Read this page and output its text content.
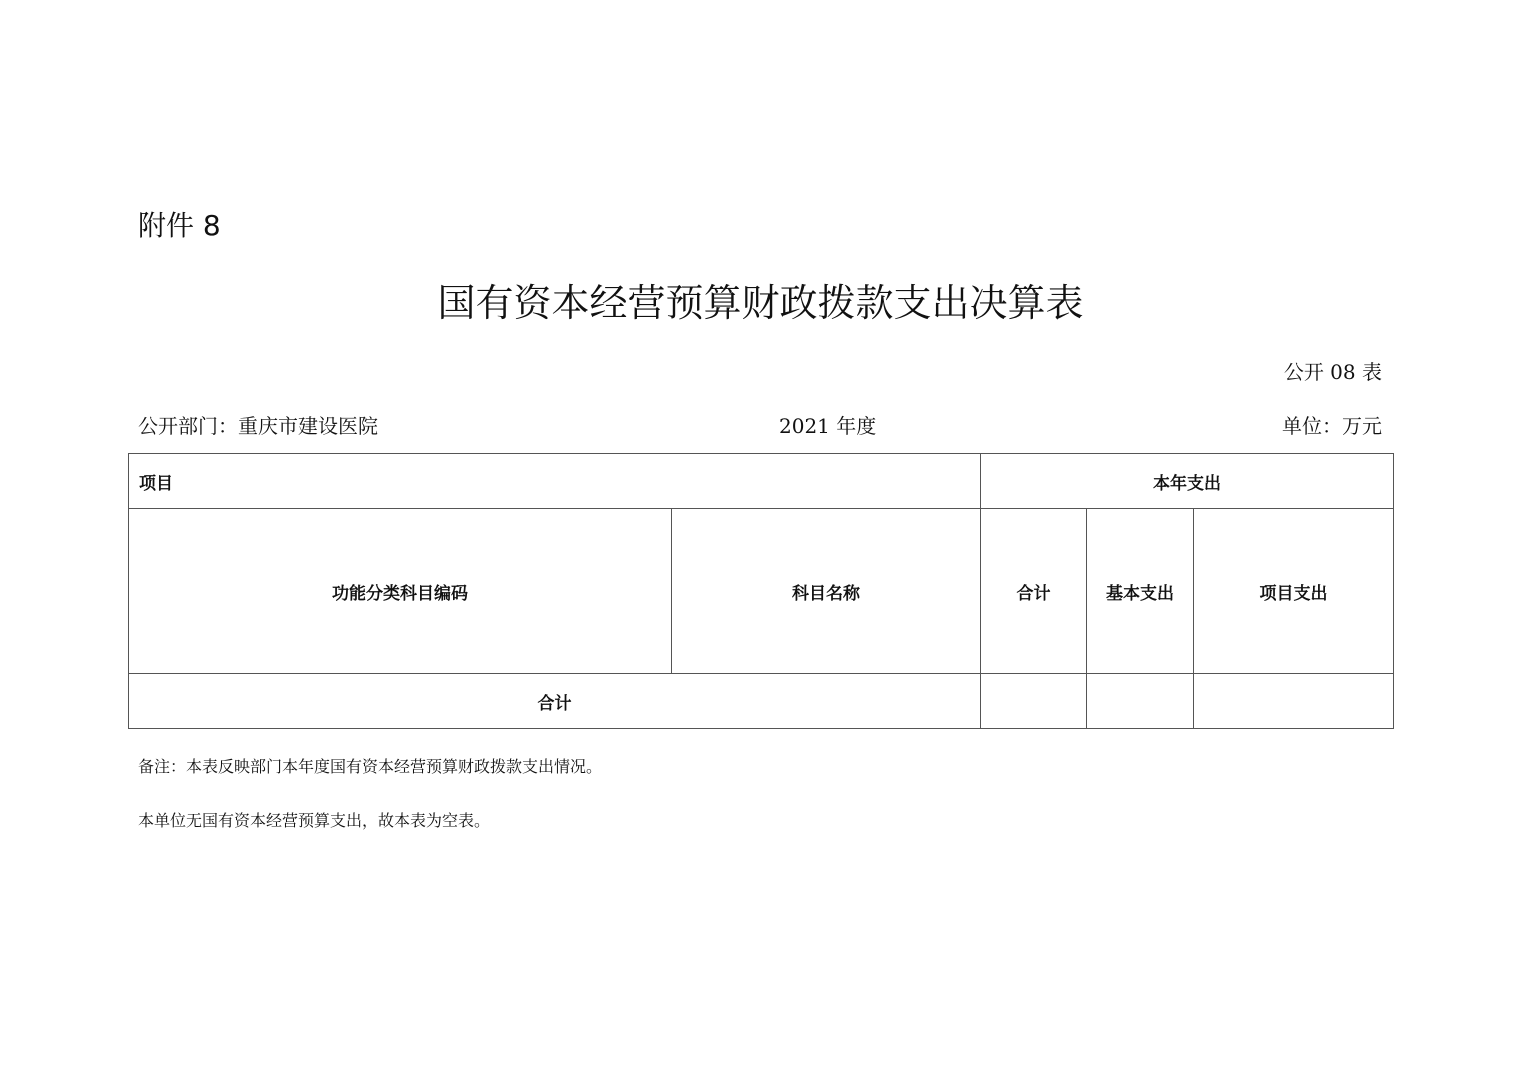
附件 8
国有资本经营预算财政拨款支出决算表
公开 08 表
公开部门：重庆市建设医院	2021 年度	单位：万元
项目		本年支出		
功能分类科目编码	科目名称	合计	基本支出	项目支出
合计				
备注：本表反映部门本年度国有资本经营预算财政拨款支出情况。
本单位无国有资本经营预算支出，故本表为空表。
